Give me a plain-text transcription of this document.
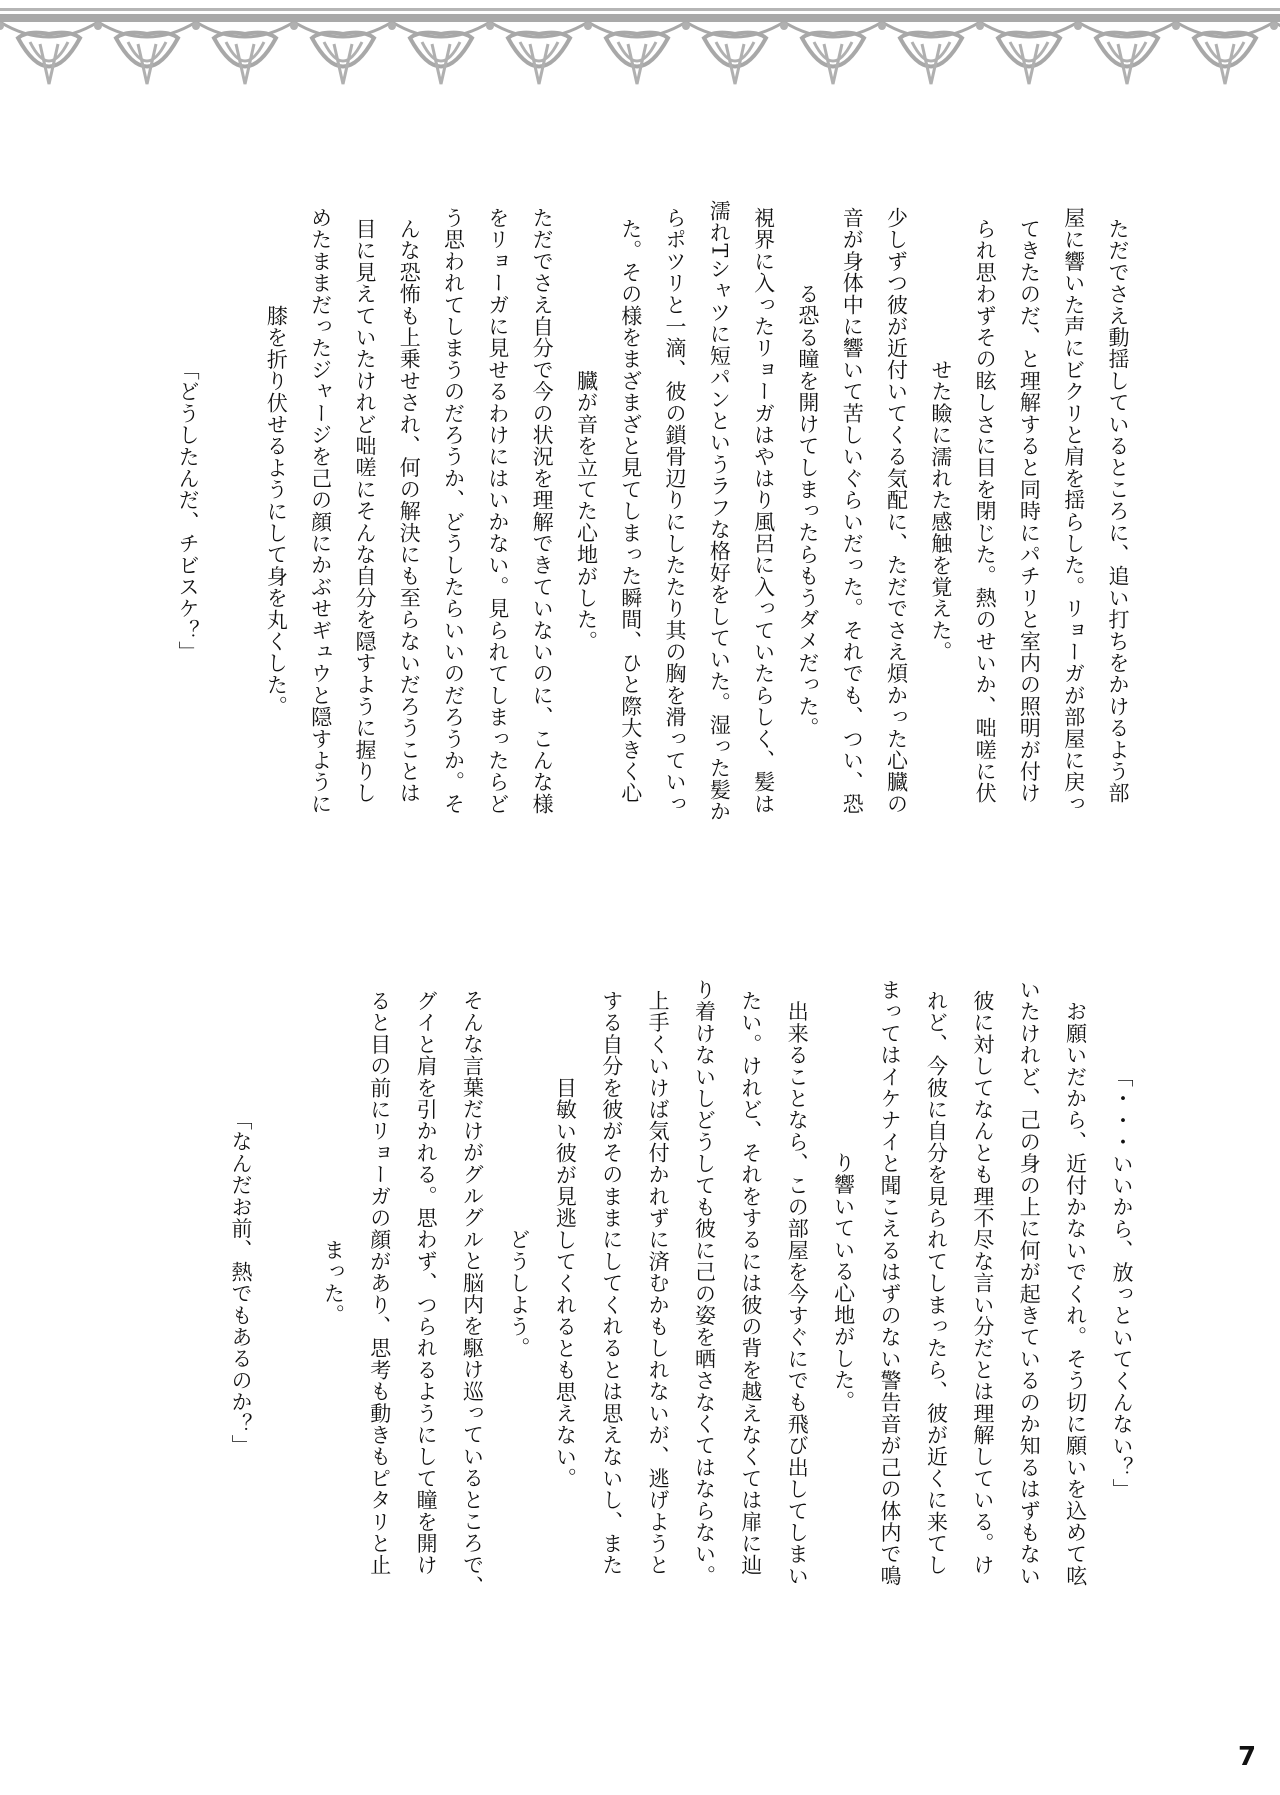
ただでさえ動揺しているところに、追い打ちをかけるよう部
屋に響いた声にビクリと肩を揺らした。リョーガが部屋に戻っ
てきたのだ、と理解すると同時にパチリと室内の照明が付け
られ思わずその眩しさに目を閉じた。熱のせいか、咄嗟に伏
せた瞼に濡れた感触を覚えた。
少しずつ彼が近付いてくる気配に、ただでさえ煩かった心臓の
音が身体中に響いて苦しいぐらいだった。それでも、つい、恐
る恐る瞳を開けてしまったらもうダメだった。
視界に入ったリョーガはやはり風呂に入っていたらしく、髪は
濡れTシャツに短パンというラフな格好をしていた。湿った髪か
らポツリと一滴、彼の鎖骨辺りにしたたり其の胸を滑っていっ
た。その様をまざまざと見てしまった瞬間、ひと際大きく心
臓が音を立てた心地がした。
ただでさえ自分で今の状況を理解できていないのに、こんな様
をリョーガに見せるわけにはいかない。見られてしまったらど
う思われてしまうのだろうか、どうしたらいいのだろうか。そ
んな恐怖も上乗せされ、何の解決にも至らないだろうことは
目に見えていたけれど咄嗟にそんな自分を隠すように握りし
めたままだったジャージを己の顔にかぶせギュウと隠すように
膝を折り伏せるようにして身を丸くした。
「どうしたんだ、チビスケ？」
「・・・いいから、放っといてくんない？」
　お願いだから、近付かないでくれ。そう切に願いを込めて呟
いたけれど、己の身の上に何が起きているのか知るはずもない
彼に対してなんとも理不尽な言い分だとは理解している。け
れど、今彼に自分を見られてしまったら、彼が近くに来てし
まってはイケナイと聞こえるはずのない警告音が己の体内で鳴
り響いている心地がした。
　出来ることなら、この部屋を今すぐにでも飛び出してしまい
たい。けれど、それをするには彼の背を越えなくては扉に辿
り着けないしどうしても彼に己の姿を晒さなくてはならない。
上手くいけば気付かれずに済むかもしれないが、逃げようと
する自分を彼がそのままにしてくれるとは思えないし、また
目敏い彼が見逃してくれるとも思えない。
　どうしよう。
　そんな言葉だけがグルグルと脳内を駆け巡っているところで、
グイと肩を引かれる。思わず、つられるようにして瞳を開け
ると目の前にリョーガの顔があり、思考も動きもピタリと止
まった。
「なんだお前、熱でもあるのか？」
7
